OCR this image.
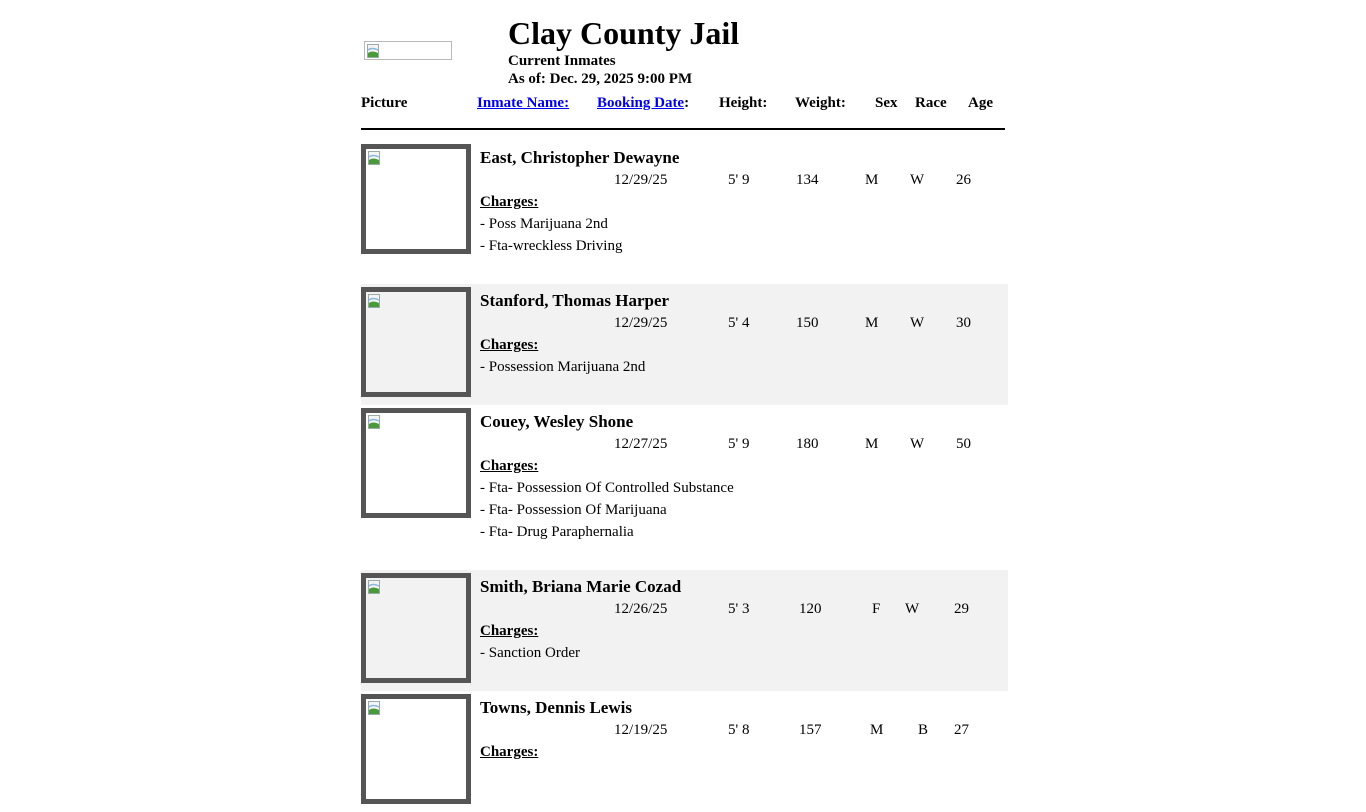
Clay County Jail
Current Inmates
As of: Dec. 29, 2025 9:00 PM
Picture	Inmate Name: Booking Date: Height: Weight: Sex Race Age
East, Christopher Dewayne
12/29/25	5' 9	134	M W 26
Charges:
- Poss Marijuana 2nd
- Fta-wreckless Driving
Stanford, Thomas Harper
12/29/25	5' 4	150	M W 30
Charges:
- Possession Marijuana 2nd
Couey, Wesley Shone
12/27/25	5' 9	180	M W 50
Charges:
- Fta- Possession Of Controlled Substance
- Fta- Possession Of Marijuana
- Fta- Drug Paraphernalia
Smith, Briana Marie Cozad
12/26/25	5' 3	120	F W 29
Charges:
- Sanction Order
Towns, Dennis Lewis
12/19/25	5' 8	157	M B 27
Charges:
